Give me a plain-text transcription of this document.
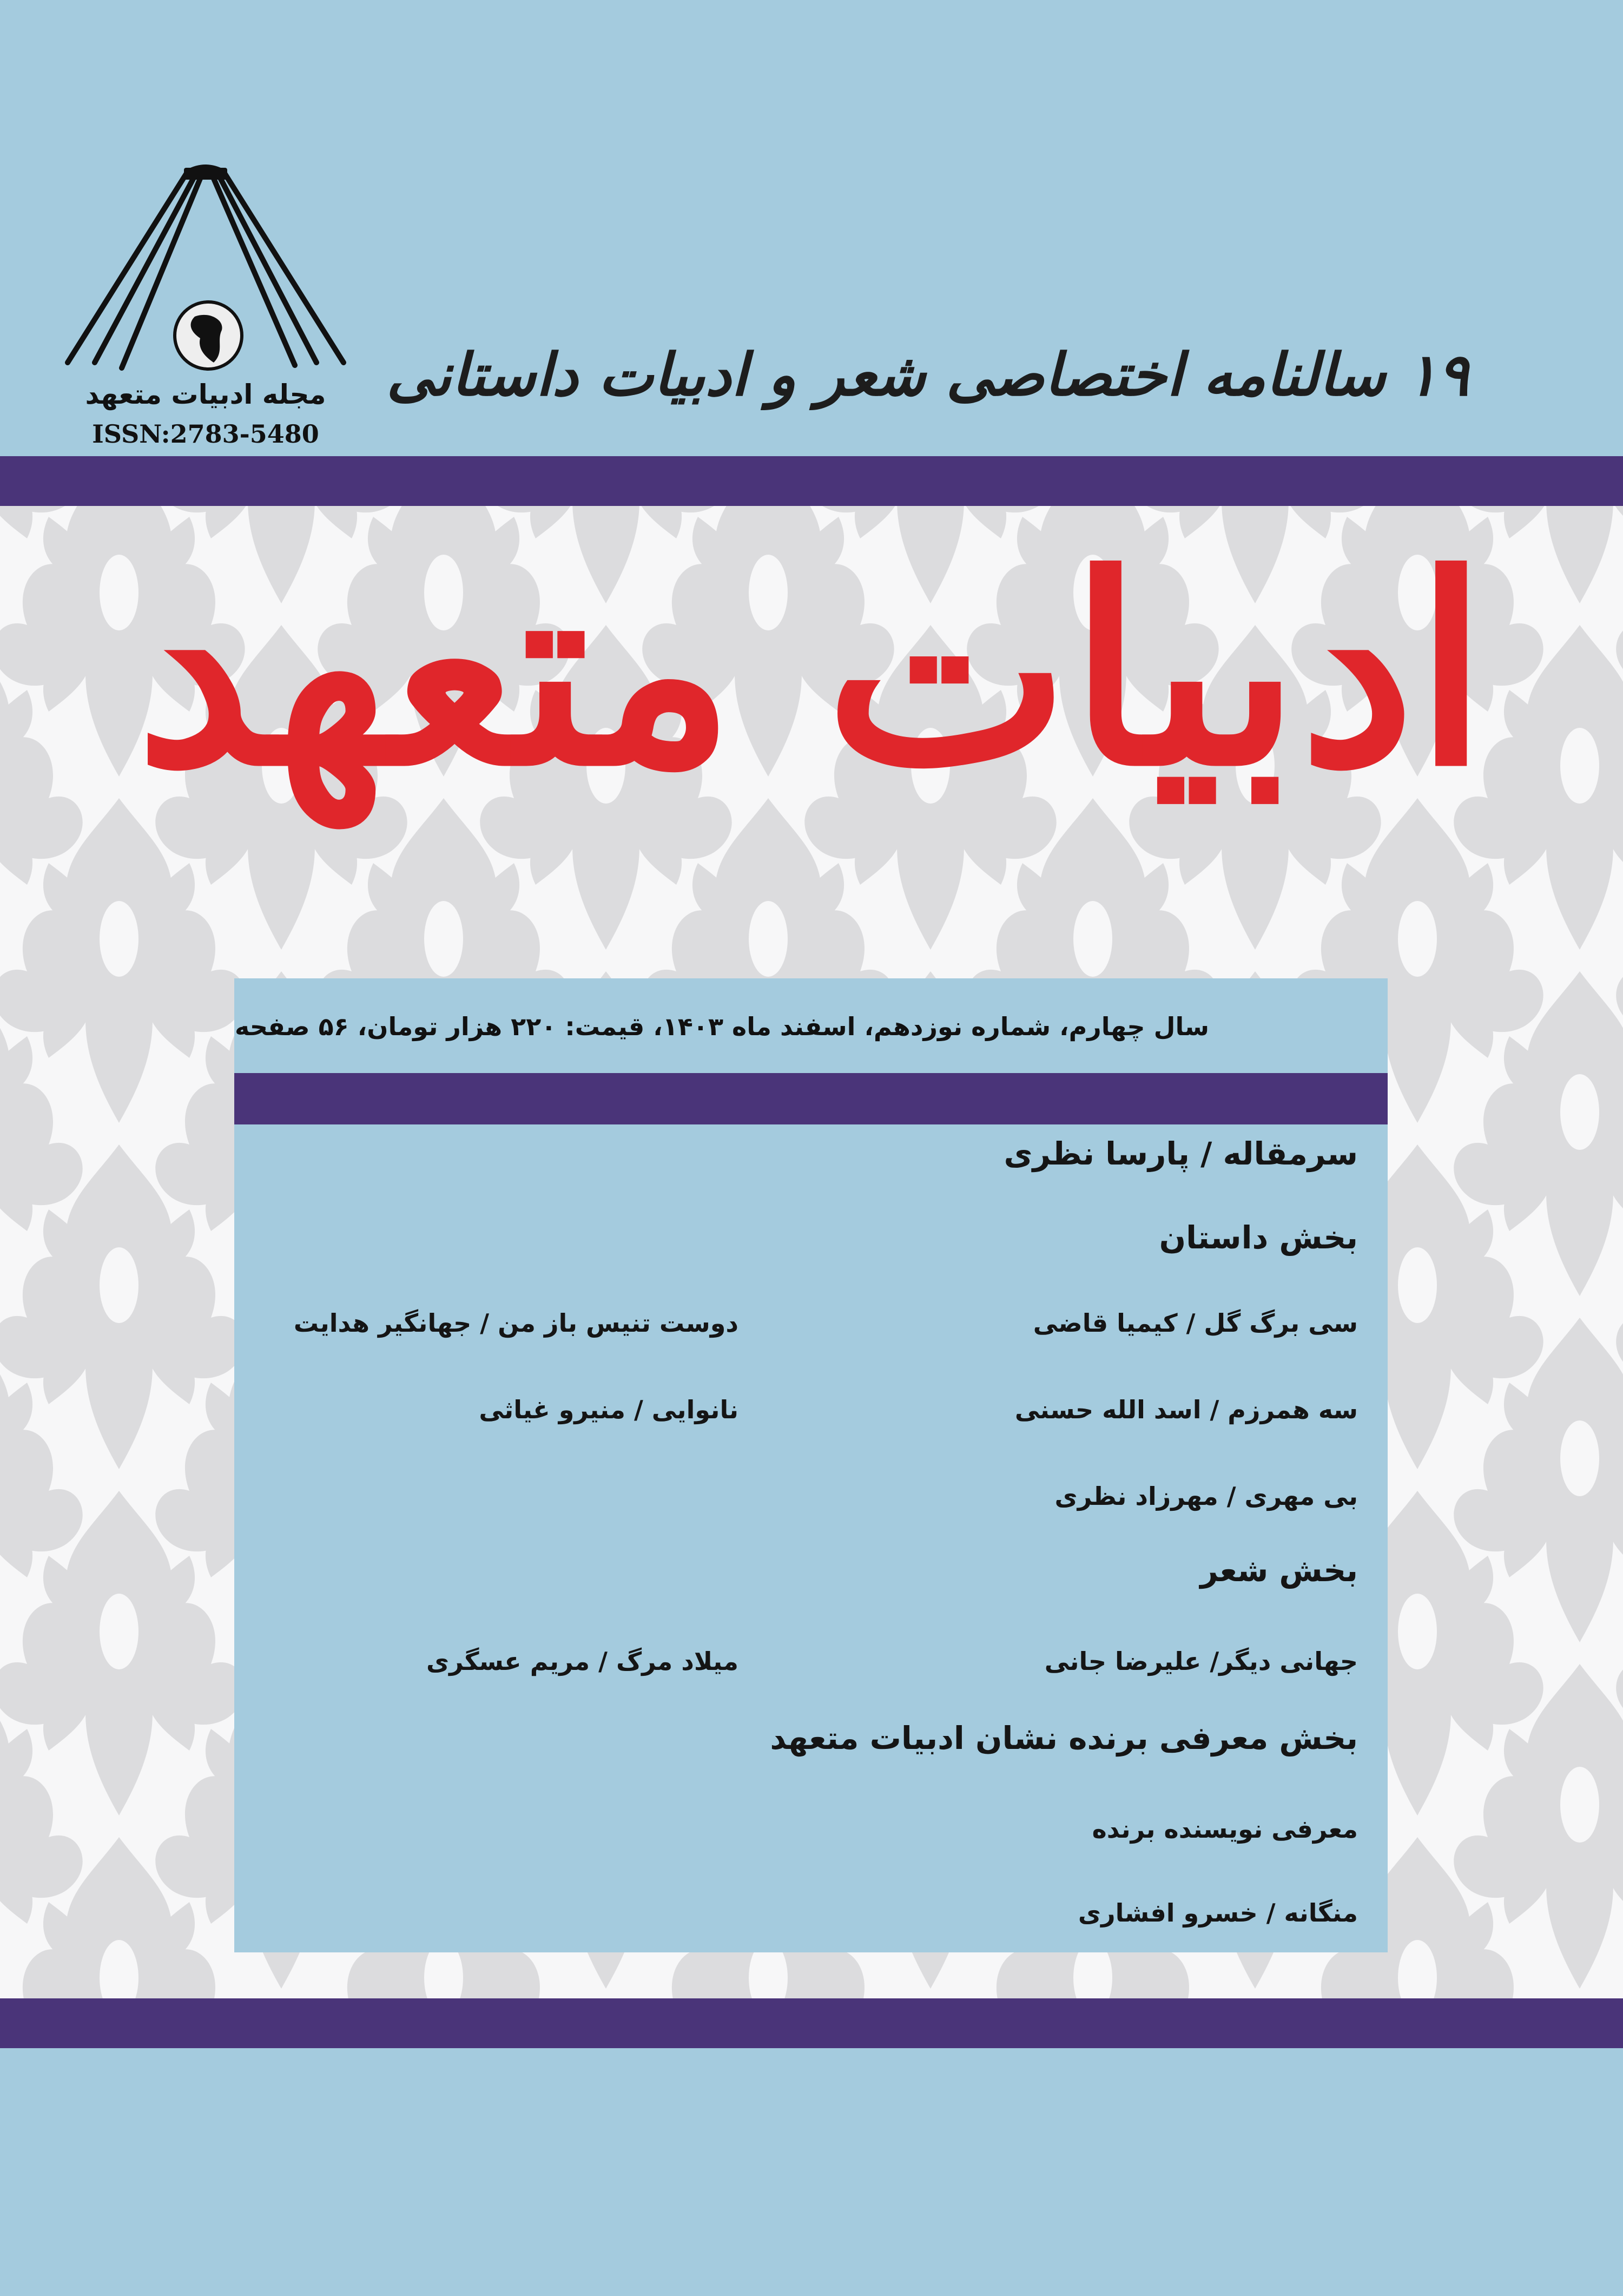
مجله ادبیات متعهد
ISSN:2783-5480
۱۹ سالنامه اختصاصی شعر و ادبیات داستانی
ادبیات متعهد
سال چهارم، شماره نوزدهم، اسفند ماه ۱۴۰۳، قیمت: ۲۲۰ هزار تومان، ۵۶ صفحه
سرمقاله / پارسا نظری
بخش داستان
سی برگ گل / کیمیا قاضی
دوست تنیس باز من / جهانگیر هدایت
سه همرزم / اسد الله حسنی
نانوایی / منیرو غیاثی
بی مهری / مهرزاد نظری
بخش شعر
جهانی دیگر/ علیرضا جانی
میلاد مرگ / مریم عسگری
بخش معرفی برنده نشان ادبیات متعهد
معرفی نویسنده برنده
منگانه / خسرو افشاری
